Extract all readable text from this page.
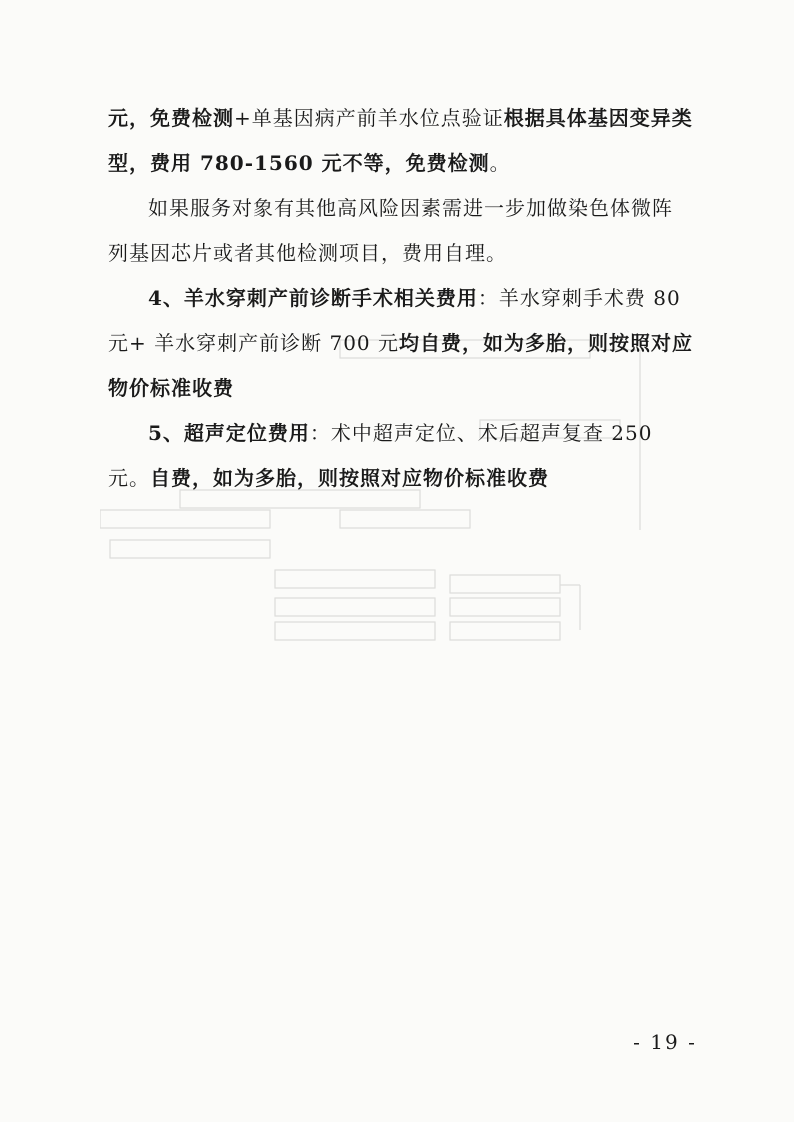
元，免费检测+单基因病产前羊水位点验证根据具体基因变异类型，费用 780-1560 元不等，免费检测。

如果服务对象有其他高风险因素需进一步加做染色体微阵列基因芯片或者其他检测项目，费用自理。

4、羊水穿刺产前诊断手术相关费用：羊水穿刺手术费 80 元+ 羊水穿刺产前诊断 700 元均自费，如为多胎，则按照对应物价标准收费

5、超声定位费用：术中超声定位、术后超声复查 250 元。自费，如为多胎，则按照对应物价标准收费

- 19 -
